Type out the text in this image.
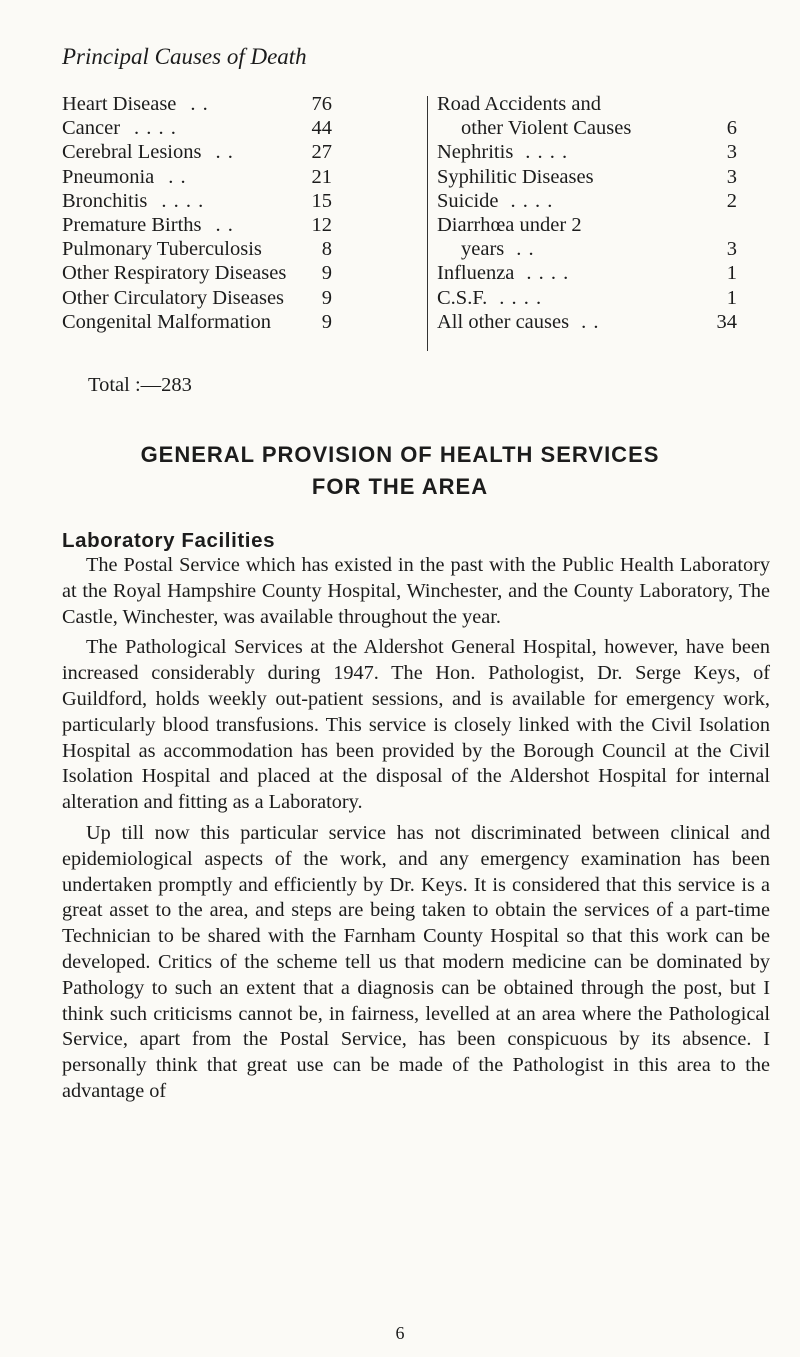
Principal Causes of Death
Heart Disease . .	76
Cancer . . . .	44
Cerebral Lesions . .	27
Pneumonia . .	21
Bronchitis . . . .	15
Premature Births . .	12
Pulmonary Tuberculosis	8
Other Respiratory Diseases 9
Other Circulatory Diseases 9
Congenital Malformation 9
Road Accidents and
other Violent Causes	6
Nephritis . . . .	3
Syphilitic Diseases	3
Suicide . . . .	2
Diarrhœa under 2
years . .	3
Influenza . . . .	1
C.S.F. . . . .	1
All other causes . .	34
Total :—283
GENERAL PROVISION OF HEALTH SERVICES
FOR THE AREA
Laboratory Facilities

The Postal Service which has existed in the past with the Public Health Laboratory at the Royal Hampshire County Hospital, Winchester, and the County Laboratory, The Castle, Winchester, was available throughout the year.

The Pathological Services at the Aldershot General Hospital, however, have been increased considerably during 1947. The Hon. Pathologist, Dr. Serge Keys, of Guildford, holds weekly out-patient sessions, and is available for emergency work, particularly blood transfusions. This service is closely linked with the Civil Isolation Hospital as accommodation has been provided by the Borough Council at the Civil Isolation Hospital and placed at the disposal of the Aldershot Hospital for internal alteration and fitting as a Laboratory.

Up till now this particular service has not discriminated between clinical and epidemiological aspects of the work, and any emergency examination has been undertaken promptly and efficiently by Dr. Keys. It is considered that this service is a great asset to the area, and steps are being taken to obtain the services of a part-time Technician to be shared with the Farnham County Hospital so that this work can be developed. Critics of the scheme tell us that modern medicine can be dominated by Pathology to such an extent that a diagnosis can be obtained through the post, but I think such criticisms cannot be, in fairness, levelled at an area where the Pathological Service, apart from the Postal Service, has been conspicuous by its absence. I personally think that great use can be made of the Pathologist in this area to the advantage of

6
